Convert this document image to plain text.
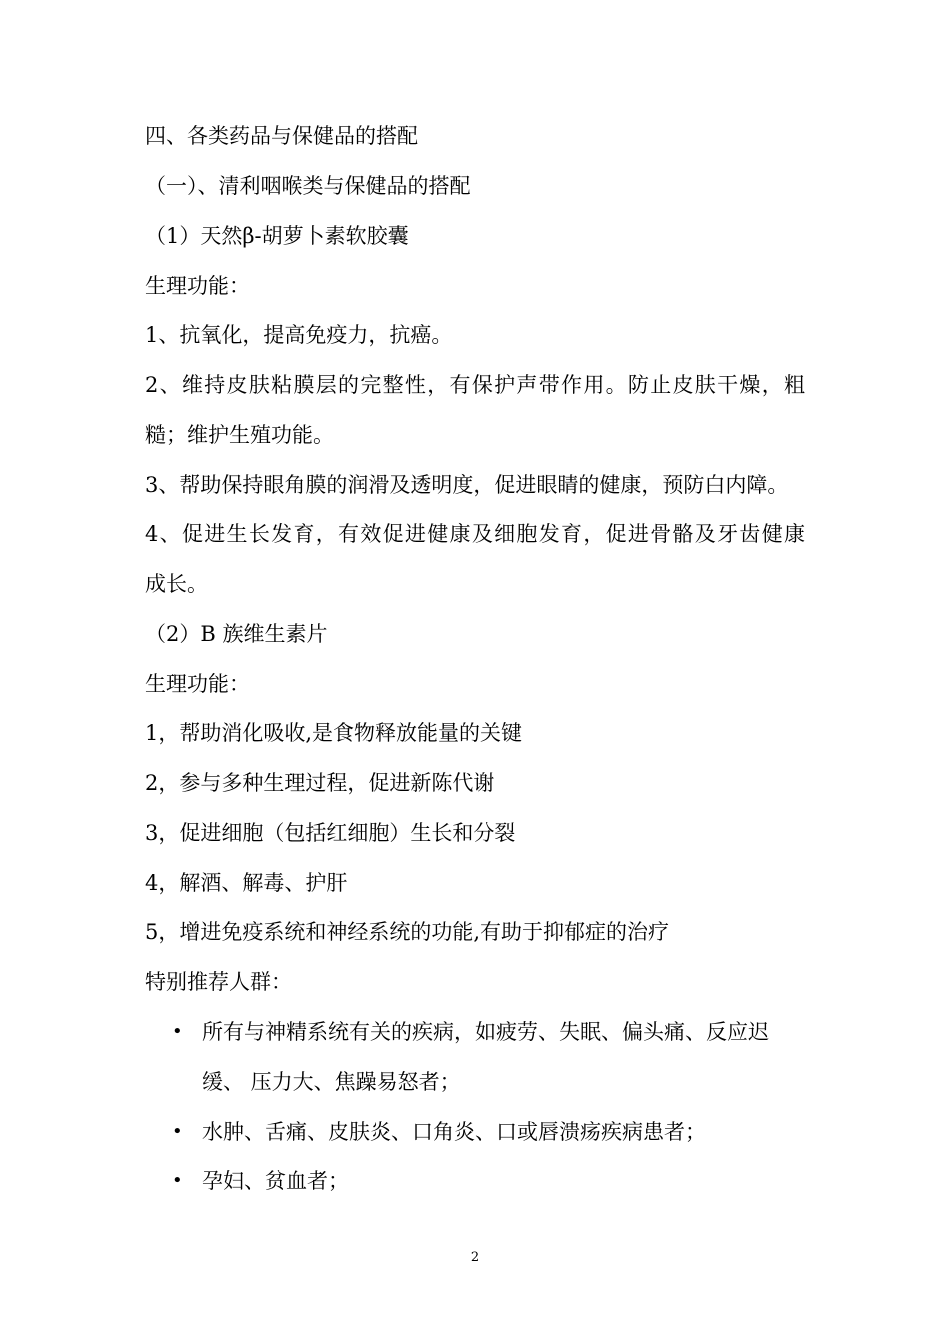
四、各类药品与保健品的搭配
（一）、清利咽喉类与保健品的搭配
（1）天然β-胡萝卜素软胶囊
生理功能：
1、抗氧化，提高免疫力，抗癌。
2、维持皮肤粘膜层的完整性，有保护声带作用。防止皮肤干燥，粗
糙；维护生殖功能。
3、帮助保持眼角膜的润滑及透明度，促进眼睛的健康，预防白内障。
4、促进生长发育，有效促进健康及细胞发育，促进骨骼及牙齿健康
成长。
（2）B 族维生素片
生理功能：
1，帮助消化吸收,是食物释放能量的关键
2，参与多种生理过程，促进新陈代谢
3，促进细胞（包括红细胞）生长和分裂
4，解酒、解毒、护肝
5，增进免疫系统和神经系统的功能,有助于抑郁症的治疗
特别推荐人群：
• 所有与神精系统有关的疾病，如疲劳、失眠、偏头痛、反应迟
缓、 压力大、焦躁易怒者；
• 水肿、舌痛、皮肤炎、口角炎、口或唇溃疡疾病患者；
• 孕妇、贫血者；
2
